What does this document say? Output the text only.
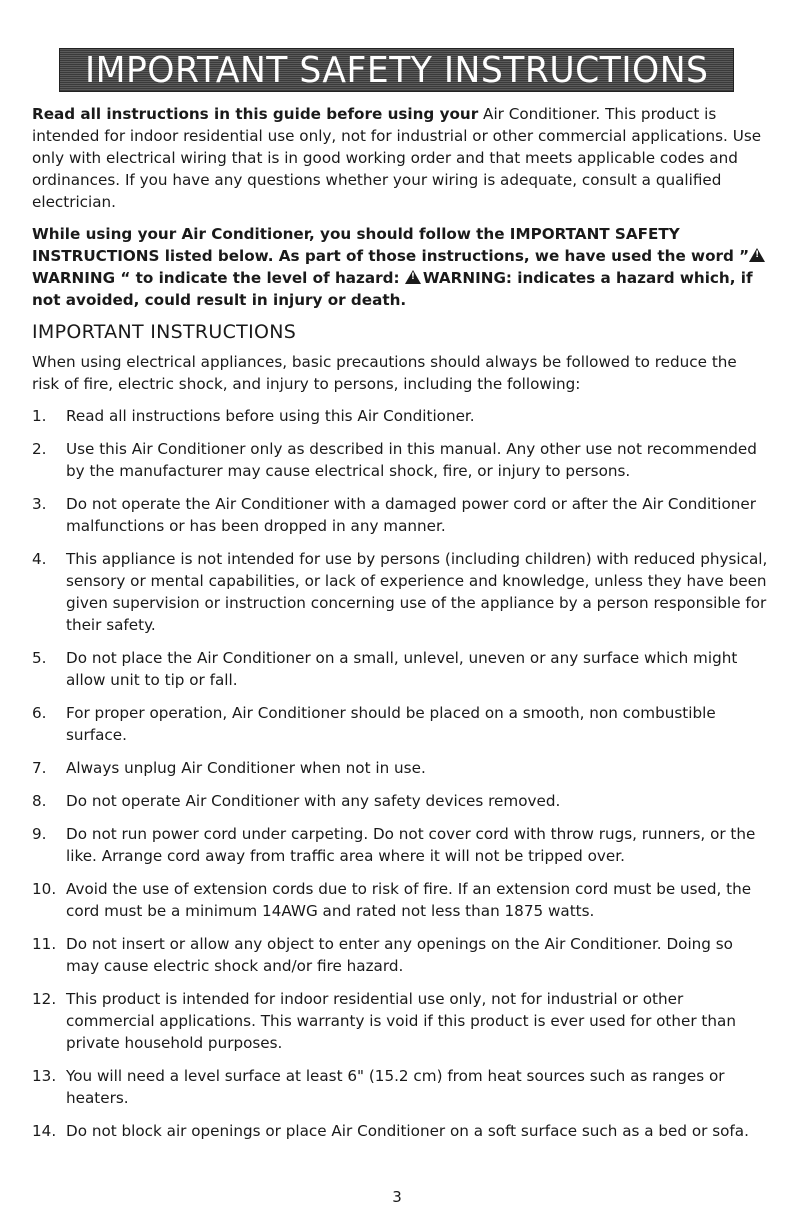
IMPORTANT SAFETY INSTRUCTIONS

Read all instructions in this guide before using your Air Conditioner. This product is intended for indoor residential use only, not for industrial or other commercial applications. Use only with electrical wiring that is in good working order and that meets applicable codes and ordinances. If you have any questions whether your wiring is adequate, consult a qualified electrician.

While using your Air Conditioner, you should follow the IMPORTANT SAFETY INSTRUCTIONS listed below. As part of those instructions, we have used the word ”!WARNING “ to indicate the level of hazard: !WARNING: indicates a hazard which, if not avoided, could result in injury or death.

IMPORTANT INSTRUCTIONS

When using electrical appliances, basic precautions should always be followed to reduce the risk of fire, electric shock, and injury to persons, including the following:

1.	Read all instructions before using this Air Conditioner.
2.	Use this Air Conditioner only as described in this manual. Any other use not recommended by the manufacturer may cause electrical shock, fire, or injury to persons.
3.	Do not operate the Air Conditioner with a damaged power cord or after the Air Conditioner malfunctions or has been dropped in any manner.
4.	This appliance is not intended for use by persons (including children) with reduced physical, sensory or mental capabilities, or lack of experience and knowledge, unless they have been given supervision or instruction concerning use of the appliance by a person responsible for their safety.
5.	Do not place the Air Conditioner on a small, unlevel, uneven or any surface which might allow unit to tip or fall.
6.	For proper operation, Air Conditioner should be placed on a smooth, non combustible surface.
7.	Always unplug Air Conditioner when not in use.
8.	Do not operate Air Conditioner with any safety devices removed.
9.	Do not run power cord under carpeting. Do not cover cord with throw rugs, runners, or the like. Arrange cord away from traffic area where it will not be tripped over.
10. Avoid the use of extension cords due to risk of fire. If an extension cord must be used, the cord must be a minimum 14AWG and rated not less than 1875 watts.
11. Do not insert or allow any object to enter any openings on the Air Conditioner. Doing so may cause electric shock and/or fire hazard.
12. This product is intended for indoor residential use only, not for industrial or other commercial applications. This warranty is void if this product is ever used for other than private household purposes.
13. You will need a level surface at least 6" (15.2 cm) from heat sources such as ranges or heaters.
14. Do not block air openings or place Air Conditioner on a soft surface such as a bed or sofa.
3
